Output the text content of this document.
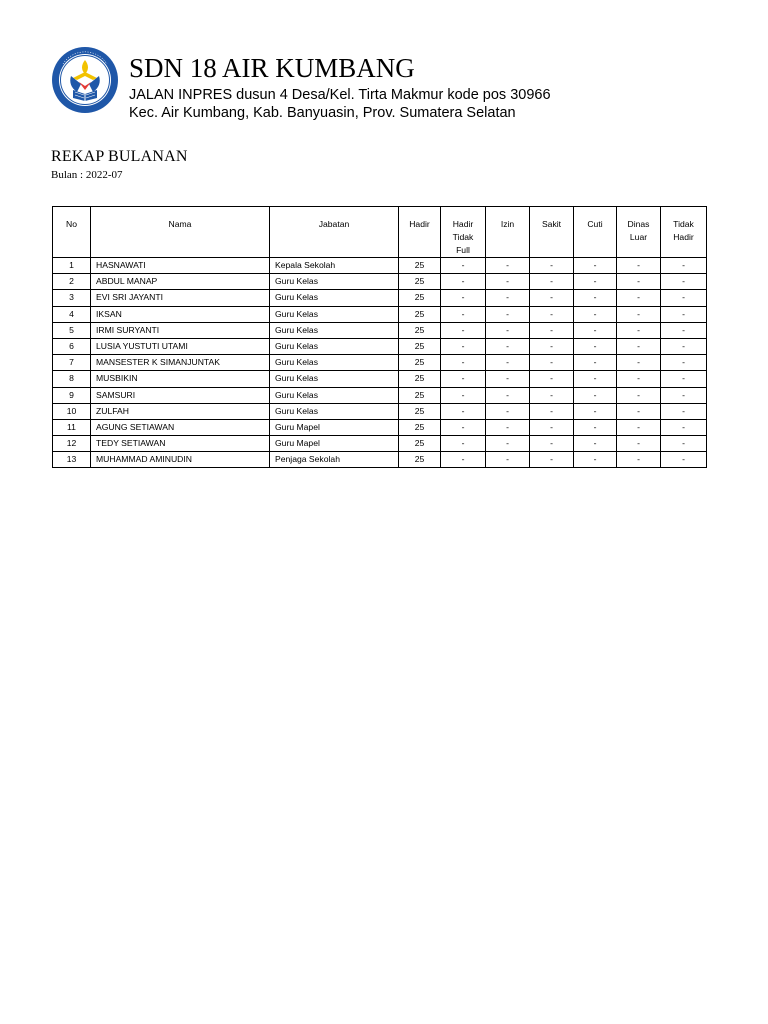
SDN 18 AIR KUMBANG
JALAN INPRES dusun 4 Desa/Kel. Tirta Makmur kode pos 30966
Kec. Air Kumbang, Kab. Banyuasin, Prov. Sumatera Selatan
REKAP BULANAN
Bulan : 2022-07
No	Nama	Jabatan	Hadir	Hadir Tidak Full	Izin	Sakit	Cuti	Dinas Luar	Tidak Hadir
1	HASNAWATI	Kepala Sekolah	25	-	-	-	-	-	-
2	ABDUL MANAP	Guru Kelas	25	-	-	-	-	-	-
3	EVI SRI JAYANTI	Guru Kelas	25	-	-	-	-	-	-
4	IKSAN	Guru Kelas	25	-	-	-	-	-	-
5	IRMI SURYANTI	Guru Kelas	25	-	-	-	-	-	-
6	LUSIA YUSTUTI UTAMI	Guru Kelas	25	-	-	-	-	-	-
7	MANSESTER K SIMANJUNTAK	Guru Kelas	25	-	-	-	-	-	-
8	MUSBIKIN	Guru Kelas	25	-	-	-	-	-	-
9	SAMSURI	Guru Kelas	25	-	-	-	-	-	-
10	ZULFAH	Guru Kelas	25	-	-	-	-	-	-
11	AGUNG SETIAWAN	Guru Mapel	25	-	-	-	-	-	-
12	TEDY SETIAWAN	Guru Mapel	25	-	-	-	-	-	-
13	MUHAMMAD AMINUDIN	Penjaga Sekolah	25	-	-	-	-	-	-
